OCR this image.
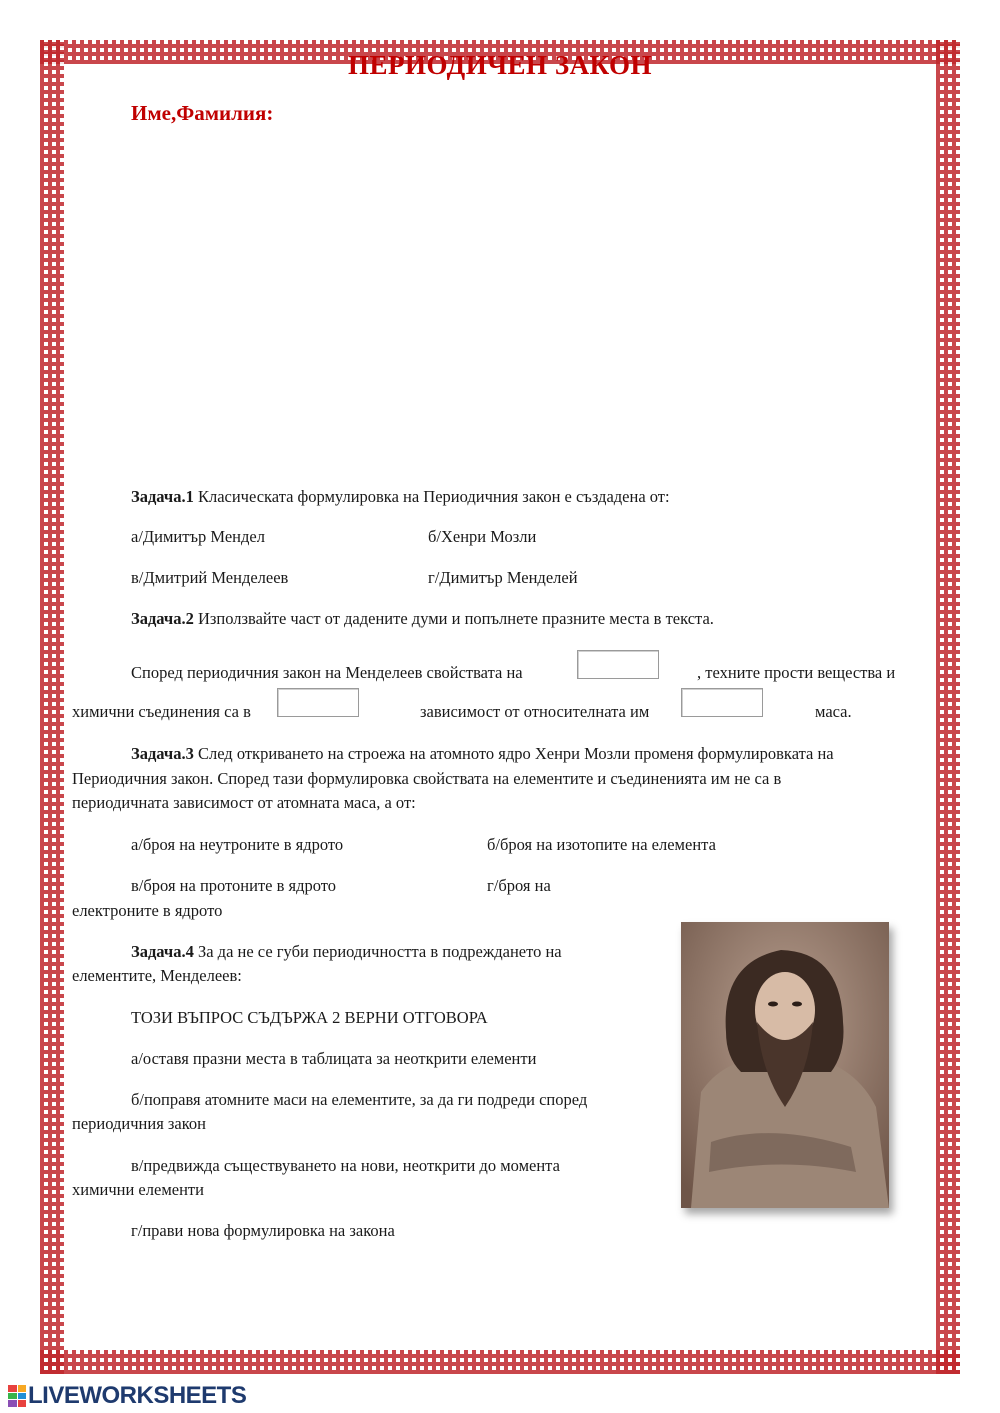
ПЕРИОДИЧЕН ЗАКОН
Име,Фамилия:
Задача.1 Класическата формулировка на Периодичния закон е създадена от:
а/Димитър Мендел	б/Хенри Мозли
в/Дмитрий Менделеев	г/Димитър Менделей
Задача.2 Използвайте част от дадените думи и попълнете празните места в текста.
Според периодичния закон на Менделеев свойствата на	, техните прости вещества и
химични съединения са в	зависимост от относителната им	маса.
Задача.3 След откриването на строежа на атомното ядро Хенри Мозли променя формулировката на
Периодичния закон. Според тази формулировка свойствата на елементите и съединенията им не са в
периодичната зависимост от атомната маса, а от:
а/броя на неутроните в ядрото	б/броя на изотопите на елемента
в/броя на протоните в ядрото	г/броя на
електроните в ядрото
Задача.4 За да не се губи периодичността в подреждането на
елементите, Менделеев:
ТОЗИ ВЪПРОС СЪДЪРЖА 2 ВЕРНИ ОТГОВОРА
а/оставя празни места в таблицата за неоткрити елементи
б/поправя атомните маси на елементите, за да ги подреди според
периодичния закон
в/предвижда съществуването на нови, неоткрити до момента
химични елементи
г/прави нова формулировка на закона
LIVEWORKSHEETS
